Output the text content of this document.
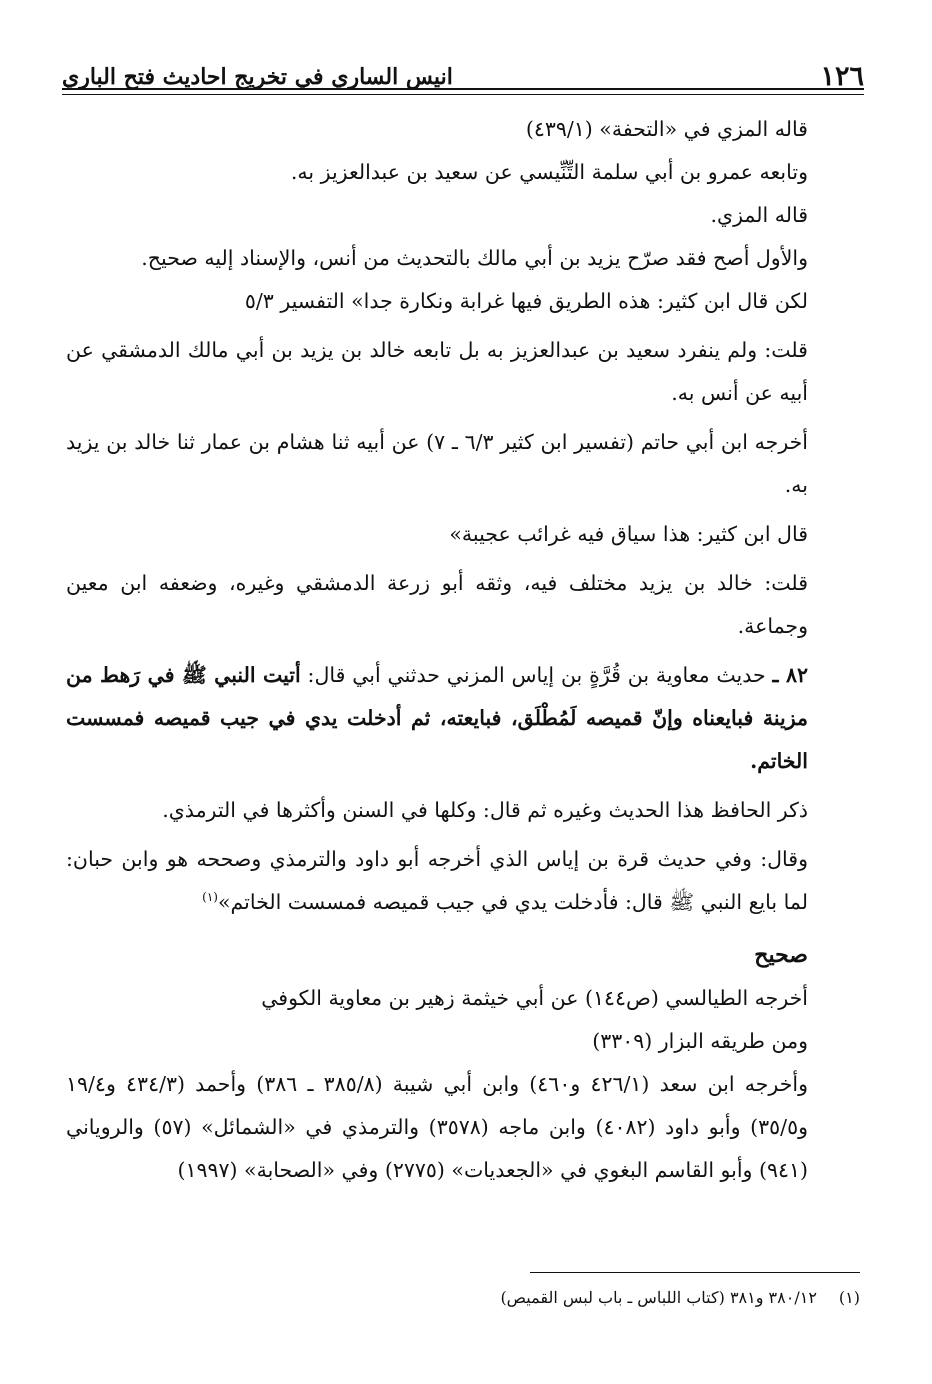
١٢٦
انيس الساري في تخريج احاديث فتح الباري

قاله المزي في «التحفة» (٤٣٩/١)

وتابعه عمرو بن أبي سلمة التِّنِّيسي عن سعيد بن عبدالعزيز به.

قاله المزي.

والأول أصح فقد صرّح يزيد بن أبي مالك بالتحديث من أنس، والإسناد إليه صحيح.

لكن قال ابن كثير: هذه الطريق فيها غرابة ونكارة جدا» التفسير ٥/٣

قلت: ولم ينفرد سعيد بن عبدالعزيز به بل تابعه خالد بن يزيد بن أبي مالك الدمشقي عن أبيه عن أنس به.

أخرجه ابن أبي حاتم (تفسير ابن كثير ٦/٣ ـ ٧) عن أبيه ثنا هشام بن عمار ثنا خالد بن يزيد به.

قال ابن كثير: هذا سياق فيه غرائب عجيبة»

قلت: خالد بن يزيد مختلف فيه، وثقه أبو زرعة الدمشقي وغيره، وضعفه ابن معين وجماعة.

٨٢ ـ حديث معاوية بن قُرَّةٍ بن إياس المزني حدثني أبي قال: أتيت النبي ﷺ في رَهط من مزينة فبايعناه وإنّ قميصه لَمُطْلَق، فبايعته، ثم أدخلت يدي في جيب قميصه فمسست الخاتم.

ذكر الحافظ هذا الحديث وغيره ثم قال: وكلها في السنن وأكثرها في الترمذي.

وقال: وفي حديث قرة بن إياس الذي أخرجه أبو داود والترمذي وصححه هو وابن حبان: لما بايع النبي ﷺ قال: فأدخلت يدي في جيب قميصه فمسست الخاتم»$^{(١)}$

صحيح

أخرجه الطيالسي (ص١٤٤) عن أبي خيثمة زهير بن معاوية الكوفي

ومن طريقه البزار (٣٣٠٩)

وأخرجه ابن سعد (٤٢٦/١ و٤٦٠) وابن أبي شيبة (٣٨٥/٨ ـ ٣٨٦) وأحمد (٤٣٤/٣ و١٩/٤ و٣٥/٥) وأبو داود (٤٠٨٢) وابن ماجه (٣٥٧٨) والترمذي في «الشمائل» (٥٧) والروياني (٩٤١) وأبو القاسم البغوي في «الجعديات» (٢٧٧٥) وفي «الصحابة» (١٩٩٧)

(١)٣٨٠/١٢ و٣٨١ (كتاب اللباس ـ باب لبس القميص)
